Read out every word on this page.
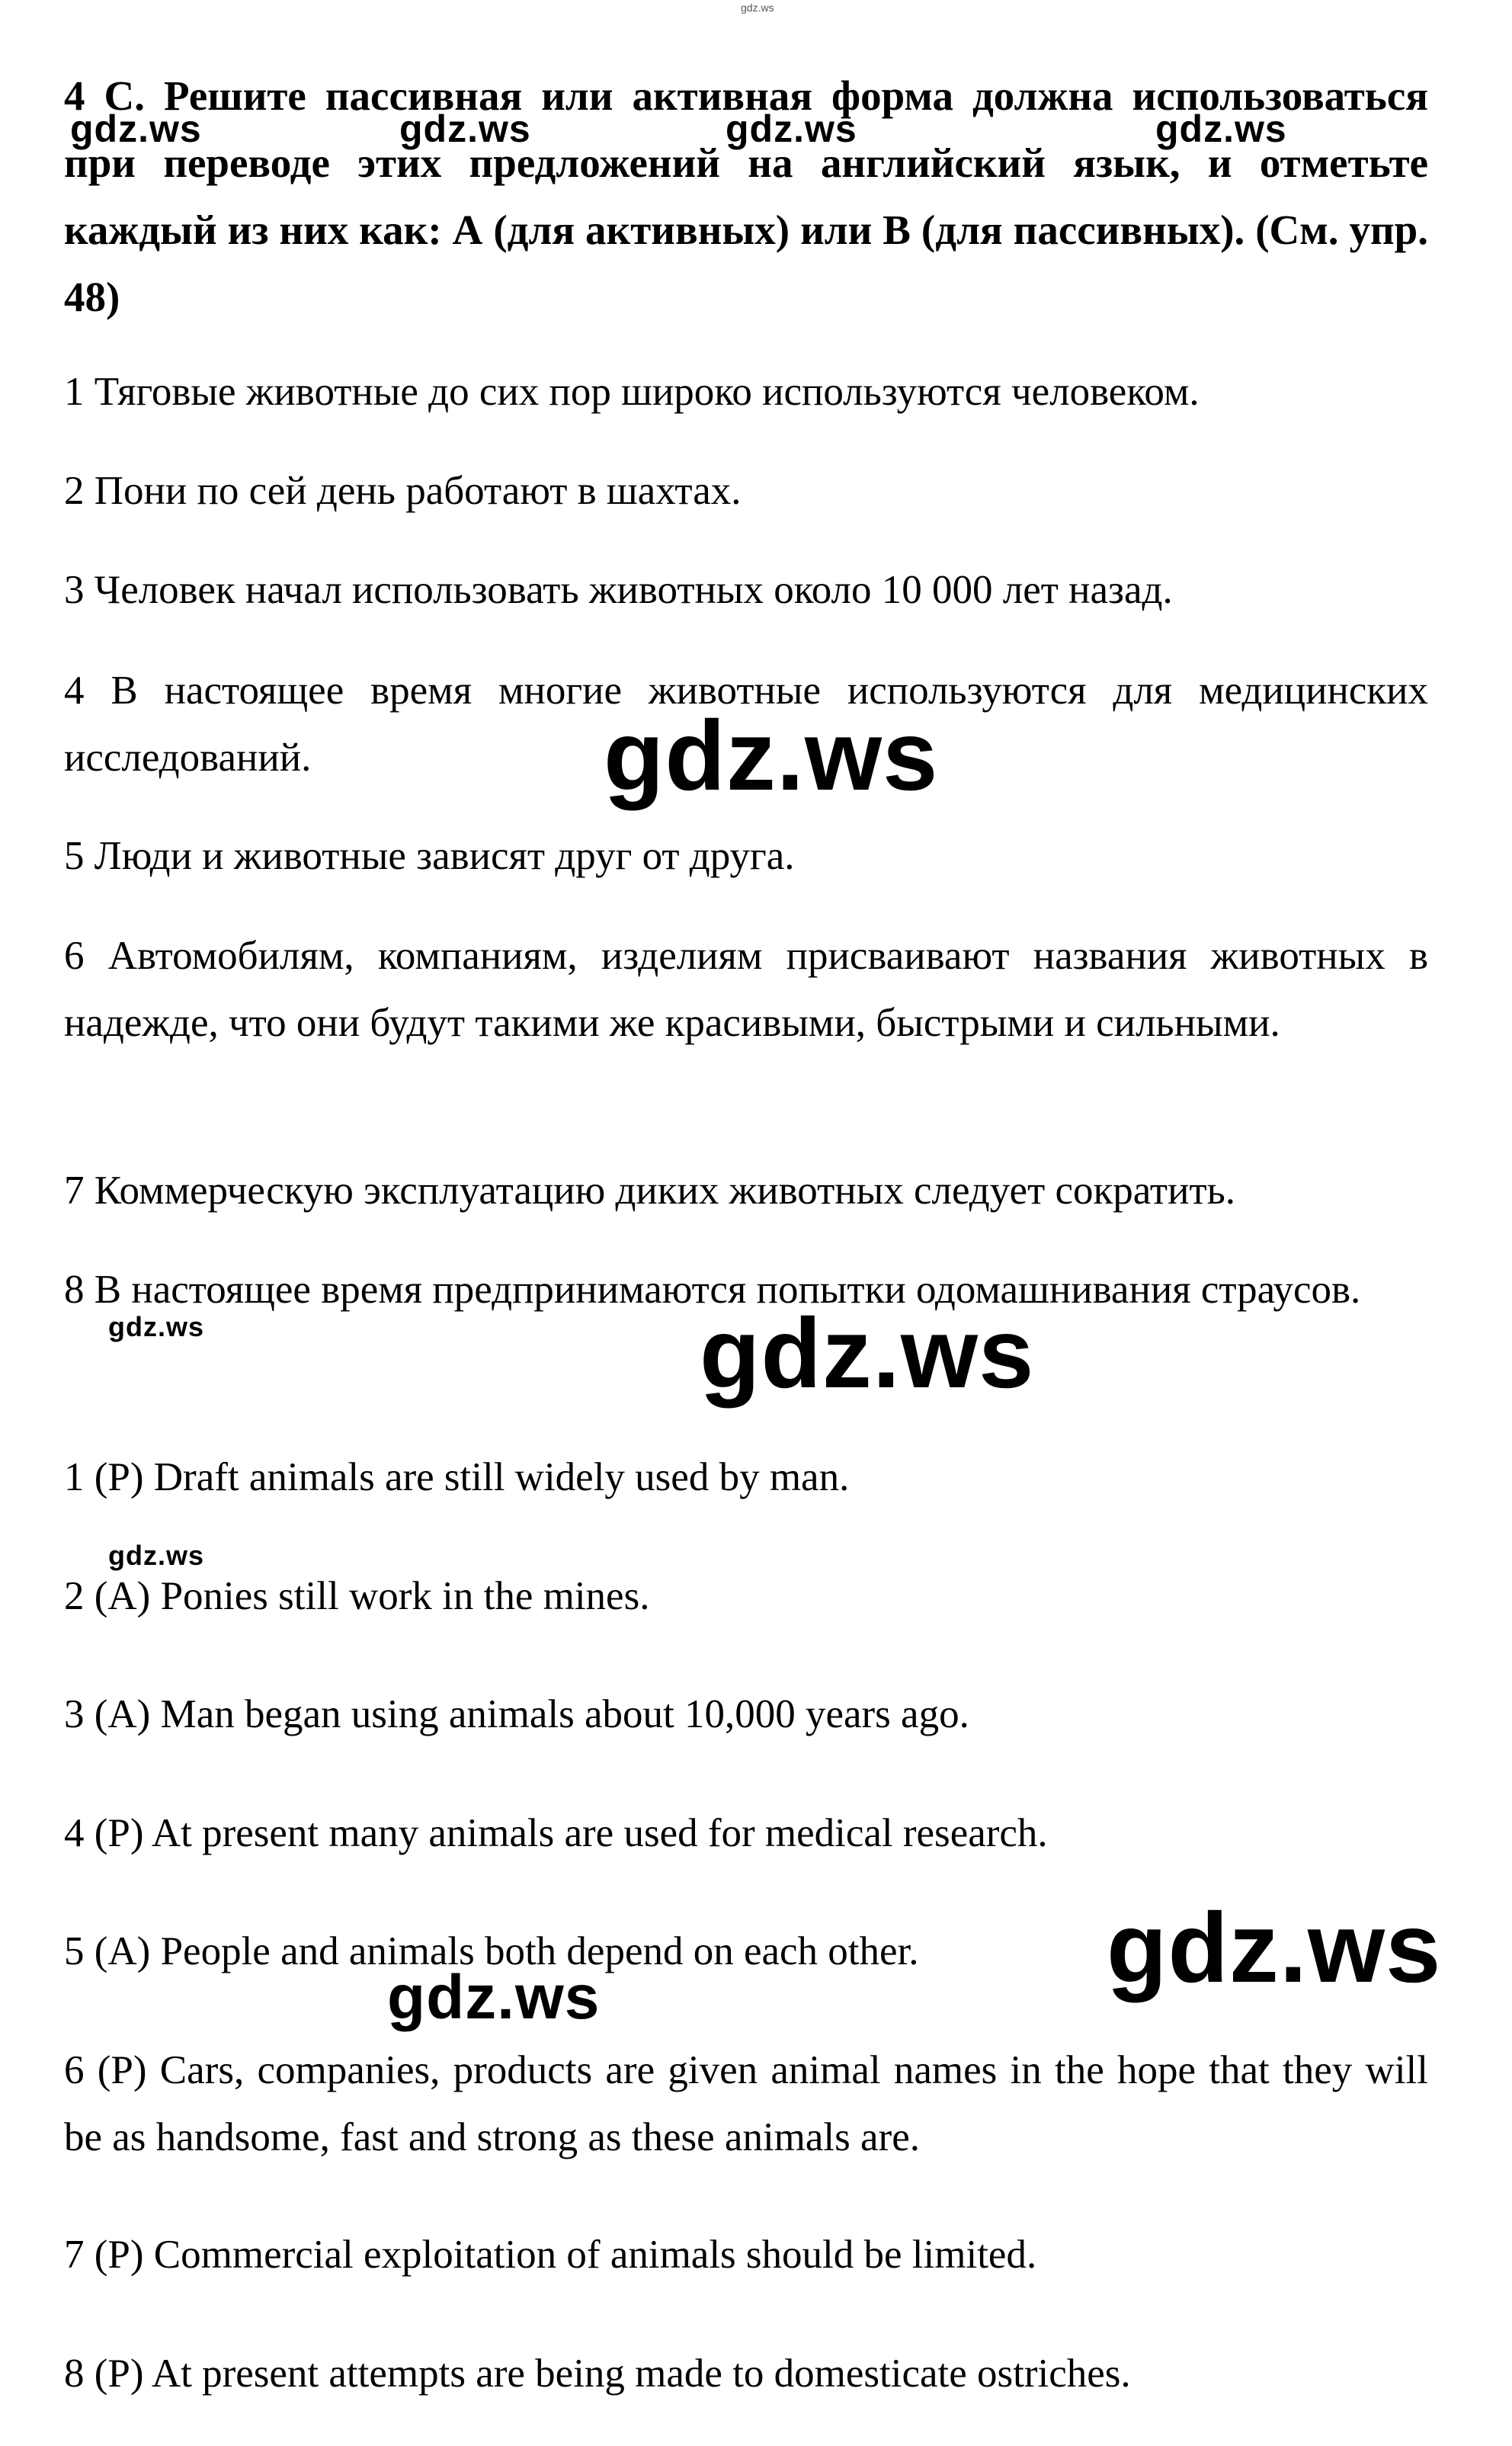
gdz.ws
4 C. Решите пассивная или активная форма должна использоваться при переводе этих предложений на английский язык, и отметьте каждый из них как: А (для активных) или В (для пассивных). (См. упр. 48)
1 Тяговые животные до сих пор широко используются человеком.
2 Пони по сей день работают в шахтах.
3 Человек начал использовать животных около 10 000 лет назад.
4 В настоящее время многие животные используются для медицинских исследований.
5 Люди и животные зависят друг от друга.
6 Автомобилям, компаниям, изделиям присваивают названия животных в надежде, что они будут такими же красивыми, быстрыми и сильными.
7 Коммерческую эксплуатацию диких животных следует сократить.
8 В настоящее время предпринимаются попытки одомашнивания страусов.
1 (P) Draft animals are still widely used by man.
2 (A) Ponies still work in the mines.
3 (A) Man began using animals about 10,000 years ago.
4 (P) At present many animals are used for medical research.
5 (A) People and animals both depend on each other.
6 (P) Cars, companies, products are given animal names in the hope that they will be as handsome, fast and strong as these animals are.
7 (P) Commercial exploitation of animals should be limited.
8 (P) At present attempts are being made to domesticate ostriches.
gdz.ws	gdz.ws	gdz.ws	gdz.ws
gdz.ws
gdz.ws	gdz.ws
gdz.ws
gdz.ws
gdz.ws
